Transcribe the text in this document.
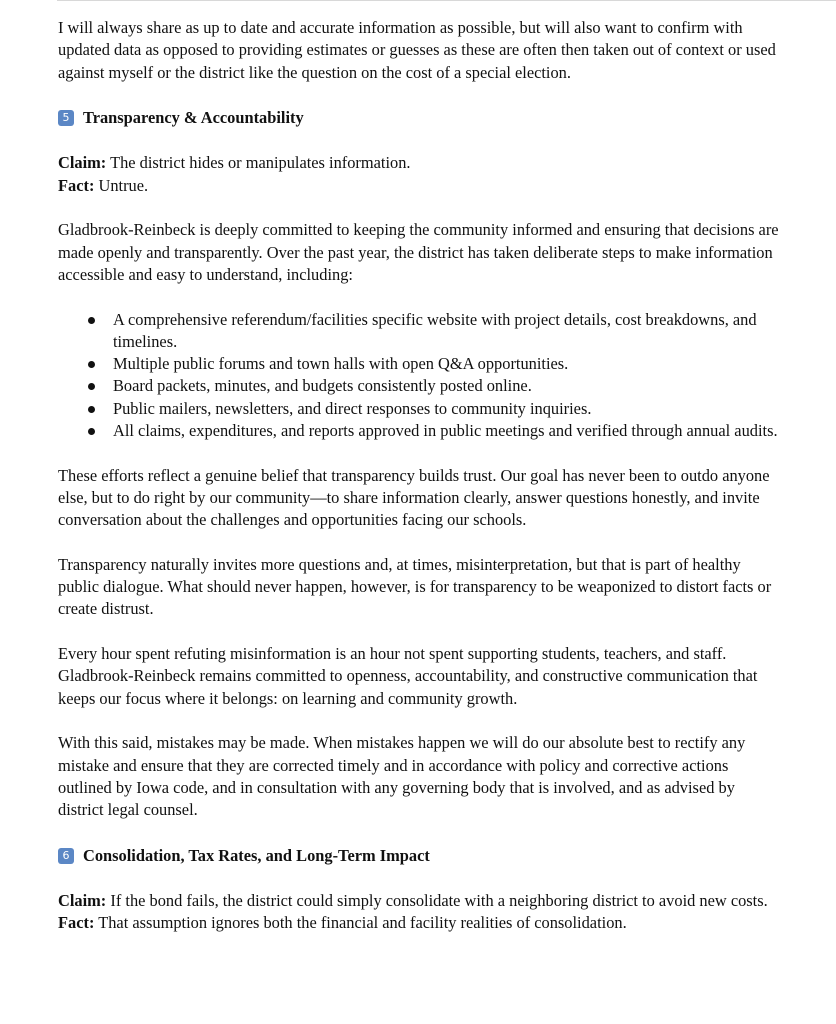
I will always share as up to date and accurate information as possible, but will also want to confirm with updated data as opposed to providing estimates or guesses as these are often then taken out of context or used against myself or the district like the question on the cost of a special election.

5 Transparency & Accountability

Claim: The district hides or manipulates information.

Fact: Untrue.

Gladbrook-Reinbeck is deeply committed to keeping the community informed and ensuring that decisions are made openly and transparently. Over the past year, the district has taken deliberate steps to make information accessible and easy to understand, including:

A comprehensive referendum/facilities specific website with project details, cost breakdowns, and timelines.
Multiple public forums and town halls with open Q&A opportunities.
Board packets, minutes, and budgets consistently posted online.
Public mailers, newsletters, and direct responses to community inquiries.
All claims, expenditures, and reports approved in public meetings and verified through annual audits.

These efforts reflect a genuine belief that transparency builds trust. Our goal has never been to outdo anyone else, but to do right by our community—to share information clearly, answer questions honestly, and invite conversation about the challenges and opportunities facing our schools.

Transparency naturally invites more questions and, at times, misinterpretation, but that is part of healthy public dialogue. What should never happen, however, is for transparency to be weaponized to distort facts or create distrust.

Every hour spent refuting misinformation is an hour not spent supporting students, teachers, and staff. Gladbrook-Reinbeck remains committed to openness, accountability, and constructive communication that keeps our focus where it belongs: on learning and community growth.

With this said, mistakes may be made. When mistakes happen we will do our absolute best to rectify any mistake and ensure that they are corrected timely and in accordance with policy and corrective actions outlined by Iowa code, and in consultation with any governing body that is involved, and as advised by district legal counsel.

6 Consolidation, Tax Rates, and Long-Term Impact

Claim: If the bond fails, the district could simply consolidate with a neighboring district to avoid new costs.

Fact: That assumption ignores both the financial and facility realities of consolidation.
